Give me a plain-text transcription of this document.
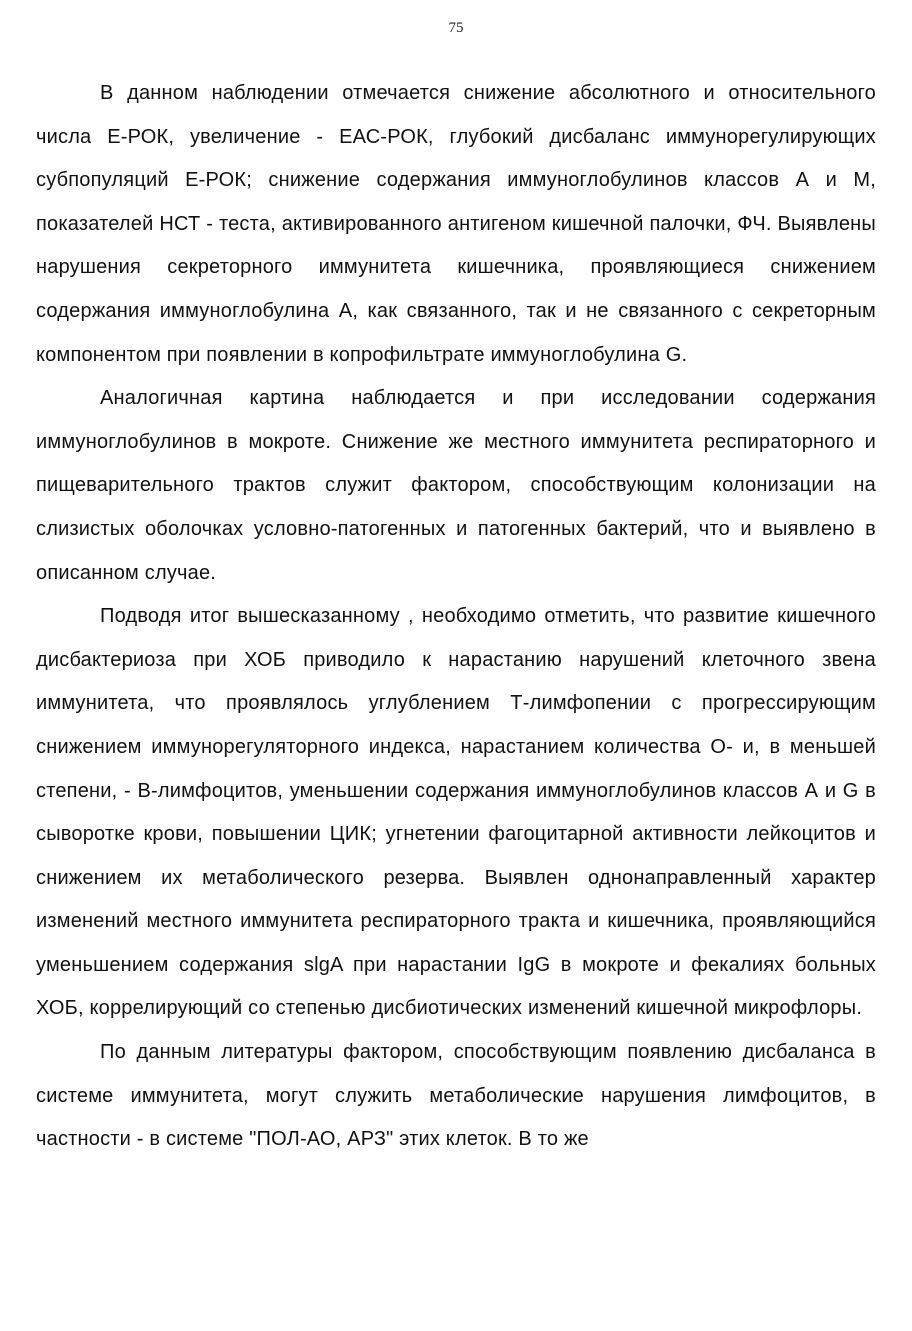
75

В данном наблюдении отмечается снижение абсолютного и относительного числа Е-РОК, увеличение - ЕАС-РОК, глубокий дисбаланс иммунорегулирующих субпопуляций Е-РОК; снижение содержания иммуноглобулинов классов А и М, показателей НСТ - теста, активированного антигеном кишечной палочки, ФЧ. Выявлены нарушения секреторного иммунитета кишечника, проявляющиеся снижением содержания иммуноглобулина А, как связанного, так и не связанного с секреторным компонентом при появлении в копрофильтрате иммуноглобулина G.

Аналогичная картина наблюдается и при исследовании содержания иммуноглобулинов в мокроте. Снижение же местного иммунитета респираторного и пищеварительного трактов служит фактором, способствующим колонизации на слизистых оболочках условно-патогенных и патогенных бактерий, что и выявлено в описанном случае.

Подводя итог вышесказанному , необходимо отметить, что развитие кишечного дисбактериоза при ХОБ приводило к нарастанию нарушений клеточного звена иммунитета, что проявлялось углублением Т-лимфопении с прогрессирующим снижением иммунорегуляторного индекса, нарастанием количества О- и, в меньшей степени, - В-лимфоцитов, уменьшении содержания иммуноглобулинов классов А и G в сыворотке крови, повышении ЦИК; угнетении фагоцитарной активности лейкоцитов и снижением их метаболического резерва. Выявлен однонаправленный характер изменений местного иммунитета респираторного тракта и кишечника, проявляющийся уменьшением содержания slgA при нарастании IgG в мокроте и фекалиях больных ХОБ, коррелирующий со степенью дисбиотических изменений кишечной микрофлоры.

По данным литературы фактором, способствующим появлению дисбаланса в системе иммунитета, могут служить метаболические нарушения лимфоцитов, в частности - в системе "ПОЛ-АО, АРЗ" этих клеток. В то же
